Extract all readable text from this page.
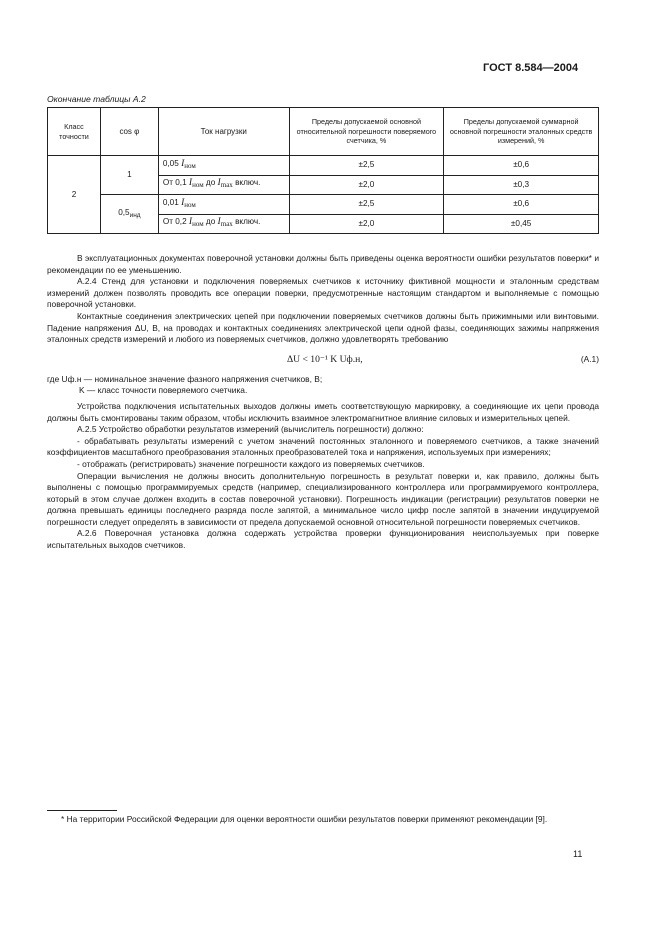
ГОСТ 8.584—2004
Окончание таблицы А.2
Класс точности	cos φ	Ток нагрузки	Пределы допускаемой основной относительной погрешности поверяемого счетчика, %	Пределы допускаемой суммарной основной погрешности эталонных средств измерений, %
2	1	0,05 Iном	±2,5	±0,6
		От 0,1 Iном до Imax включ.	±2,0	±0,3
	$0,5_{инд}$	0,01 Iном	±2,5	±0,6
		От 0,2 Iном до Imax включ.	±2,0	±0,45

В эксплуатационных документах поверочной установки должны быть приведены оценка вероятности ошибки результатов поверки* и рекомендации по ее уменьшению.

А.2.4 Стенд для установки и подключения поверяемых счетчиков к источнику фиктивной мощности и эталонным средствам измерений должен позволять проводить все операции поверки, предусмотренные настоящим стандартом и выполняемые с помощью поверочной установки.

Контактные соединения электрических цепей при подключении поверяемых счетчиков должны быть прижимными или винтовыми. Падение напряжения ΔU, В, на проводах и контактных соединениях электрической цепи одной фазы, соединяющих зажимы напряжения эталонных средств измерений и любого из поверяемых счетчиков, должно удовлетворять требованию

ΔU < 10⁻¹ K Uф.н,	(А.1)

где Uф.н — номинальное значение фазного напряжения счетчиков, В;

K — класс точности поверяемого счетчика.

Устройства подключения испытательных выходов должны иметь соответствующую маркировку, а соединяющие их цепи провода должны быть смонтированы таким образом, чтобы исключить взаимное электромагнитное влияние силовых и измерительных цепей.

А.2.5 Устройство обработки результатов измерений (вычислитель погрешности) должно:

- обрабатывать результаты измерений с учетом значений постоянных эталонного и поверяемого счетчиков, а также значений коэффициентов масштабного преобразования эталонных преобразователей тока и напряжения, используемых при измерениях;

- отображать (регистрировать) значение погрешности каждого из поверяемых счетчиков.

Операции вычисления не должны вносить дополнительную погрешность в результат поверки и, как правило, должны быть выполнены с помощью программируемых средств (например, специализированного контроллера или программируемого контроллера, который в этом случае должен входить в состав поверочной установки). Погрешность индикации (регистрации) результатов поверки не должна превышать единицы последнего разряда после запятой, а минимальное число цифр после запятой в значении индуцируемой погрешности следует определять в зависимости от предела допускаемой основной относительной погрешности поверяемых счетчиков.

А.2.6 Поверочная установка должна содержать устройства проверки функционирования неиспользуемых при поверке испытательных выходов счетчиков.

* На территории Российской Федерации для оценки вероятности ошибки результатов поверки применяют рекомендации [9].
11
